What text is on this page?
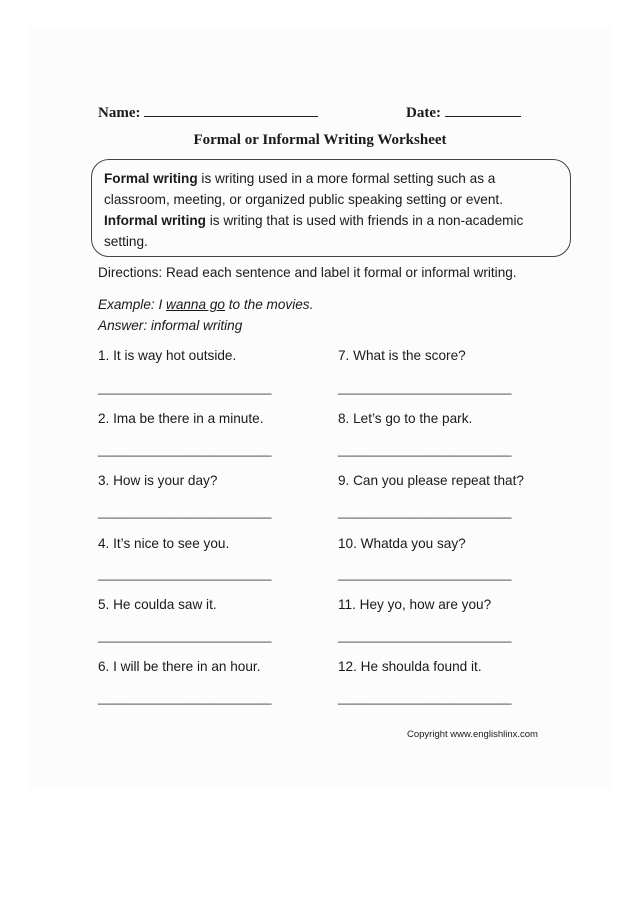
Name:	Date:
Formal or Informal Writing Worksheet
Formal writing is writing used in a more formal setting such as a
classroom, meeting, or organized public speaking setting or event.
Informal writing is writing that is used with friends in a non-academic
setting.
Directions: Read each sentence and label it formal or informal writing.
Example: I wanna go to the movies.
Answer: informal writing
1. It is way hot outside.
________________________
2. Ima be there in a minute.
________________________
3. How is your day?
________________________
4. It’s nice to see you.
________________________
5. He coulda saw it.
________________________
6. I will be there in an hour.
________________________
7. What is the score?
________________________
8. Let’s go to the park.
________________________
9. Can you please repeat that?
________________________
10. Whatda you say?
________________________
11. Hey yo, how are you?
________________________
12. He shoulda found it.
________________________
Copyright www.englishlinx.com
